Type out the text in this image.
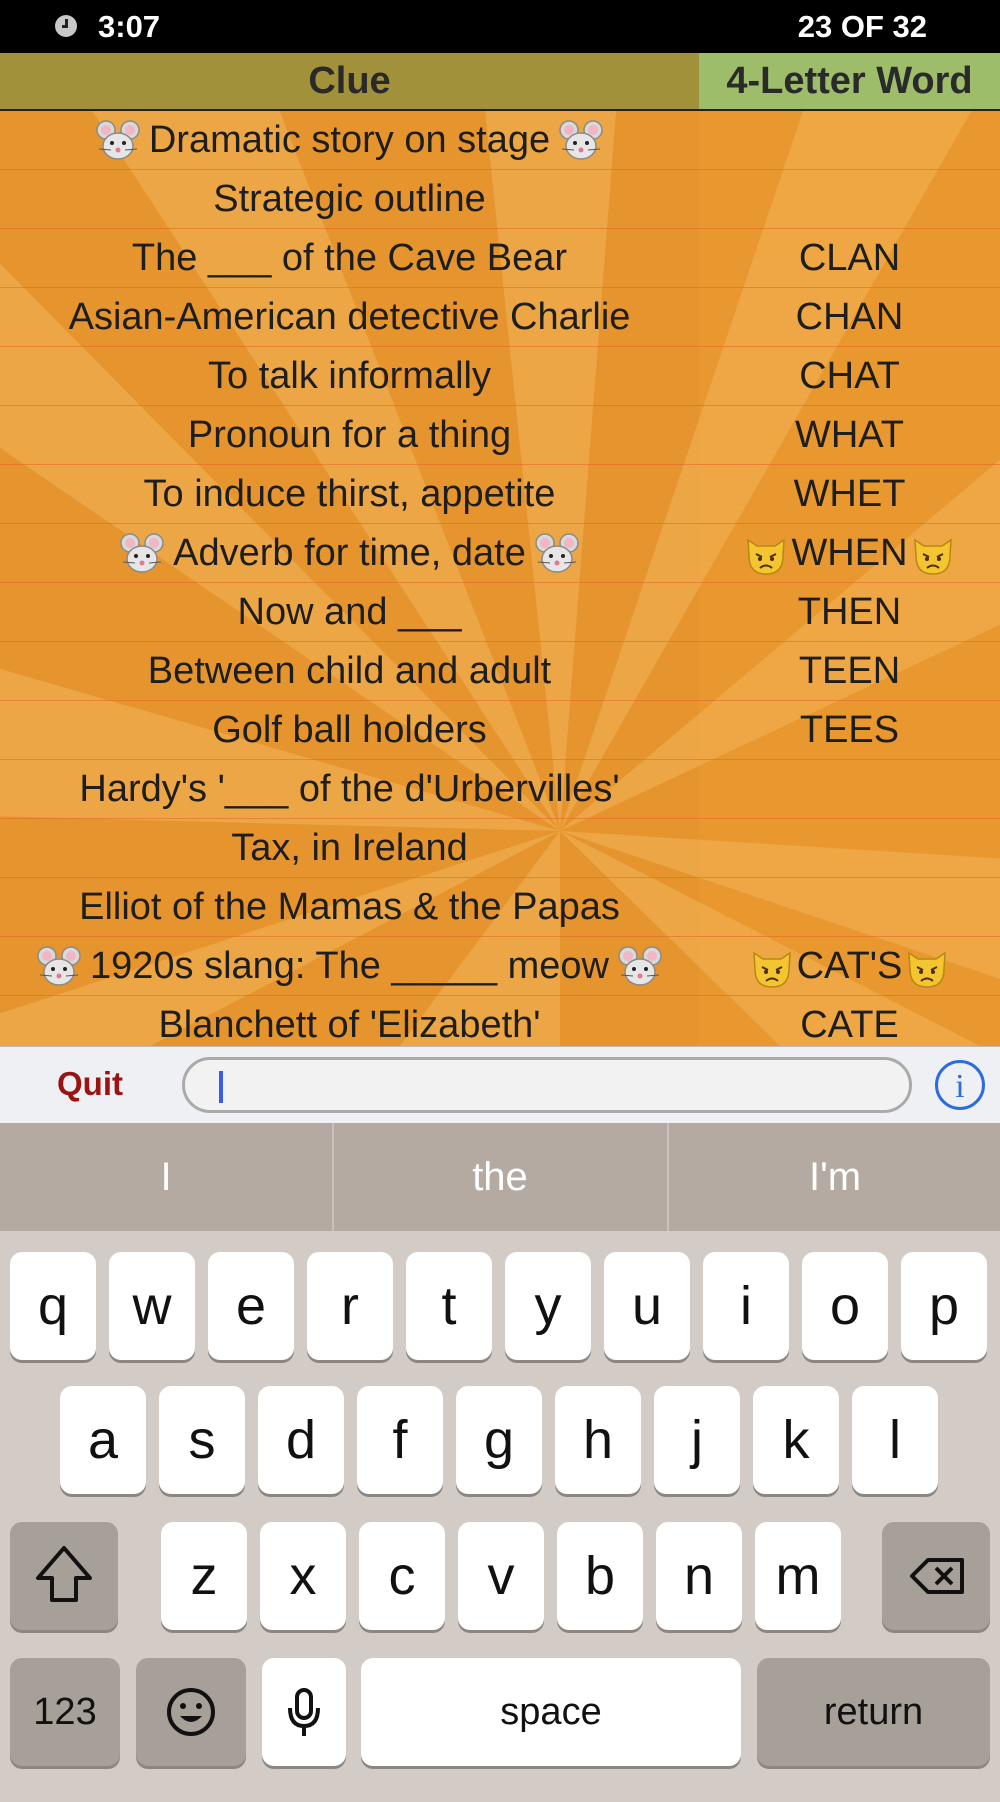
3:07	23 OF 32
Clue	4-Letter Word
Dramatic story on stage
Strategic outline
The ___ of the Cave Bear	CLAN
Asian-American detective Charlie	CHAN
To talk informally	CHAT
Pronoun for a thing	WHAT
To induce thirst, appetite	WHET
Adverb for time, date	WHEN
Now and ___	THEN
Between child and adult	TEEN
Golf ball holders	TEES
Hardy's '___ of the d'Urbervilles'
Tax, in Ireland
Elliot of the Mamas & the Papas
1920s slang: The _____ meow	CAT'S
Blanchett of 'Elizabeth'	CATE
Quit	i
I	the	I'm
123	space	return
q	w	e	r	t	y	u	i	o	p
a	s	d	f	g	h	j	k	l
z	x	c	v	b	n	m
